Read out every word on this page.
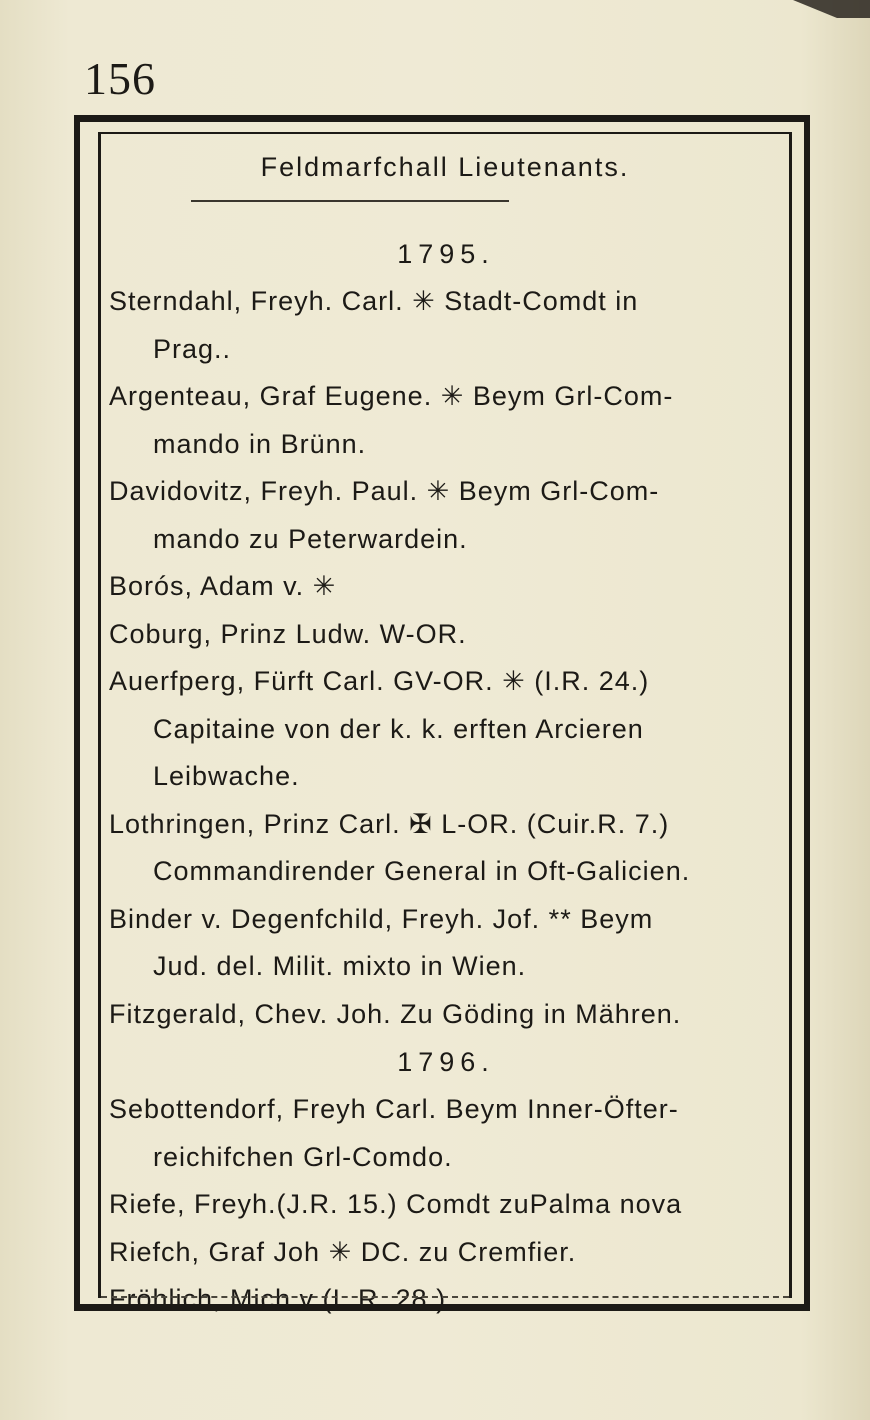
156
Feldmarfchall Lieutenants.
1795.
Sterndahl, Freyh. Carl. ✳ Stadt-Comdt in
Prag..
Argenteau, Graf Eugene. ✳ Beym Grl-Com-
mando in Brünn.
Davidovitz, Freyh. Paul. ✳ Beym Grl-Com-
mando zu Peterwardein.
Borós, Adam v. ✳
Coburg, Prinz Ludw. W-OR.
Auerfperg, Fürft Carl. GV-OR. ✳ (I.R. 24.)
Capitaine von der k. k. erften Arcieren
Leibwache.
Lothringen, Prinz Carl. ✠ L-OR. (Cuir.R. 7.)
Commandirender General in Oft-Galicien.
Binder v. Degenfchild, Freyh. Jof. ** Beym
Jud. del. Milit. mixto in Wien.
Fitzgerald, Chev. Joh. Zu Göding in Mähren.
1796.
Sebottendorf, Freyh Carl. Beym Inner-Öfter-
reichifchen Grl-Comdo.
Riefe, Freyh.(J.R. 15.) Comdt zuPalma nova
Riefch, Graf Joh ✳ DC. zu Cremfier.
Fröhlich, Mich v (I. R. 28.)
